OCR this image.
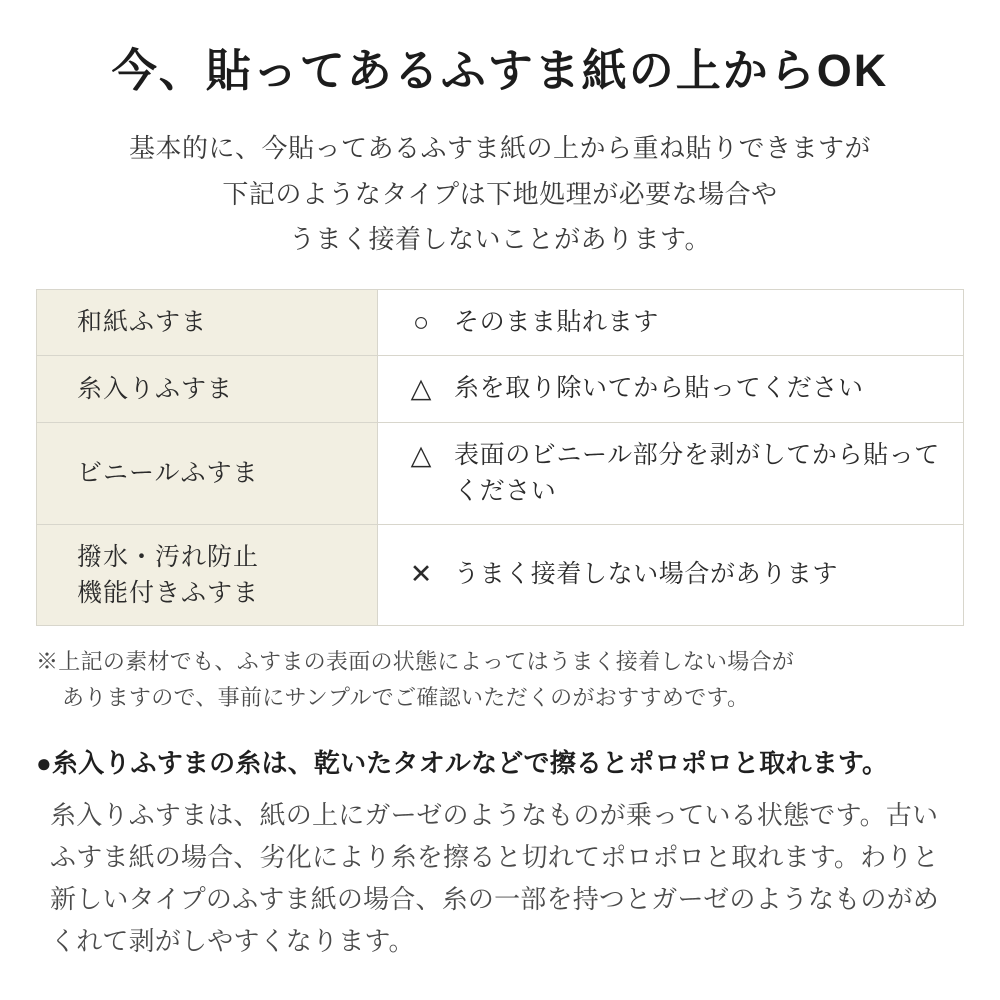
今、貼ってあるふすま紙の上からOK
基本的に、今貼ってあるふすま紙の上から重ね貼りできますが
下記のようなタイプは下地処理が必要な場合や
うまく接着しないことがあります。
和紙ふすま	○ そのまま貼れます

糸入りふすま	△ 糸を取り除いてから貼ってください

ビニールふすま	△ 表面のビニール部分を剥がしてから貼ってください

撥水・汚れ防止
機能付きふすま	✕ うまく接着しない場合があります
※上記の素材でも、ふすまの表面の状態によってはうまく接着しない場合が
ありますので、事前にサンプルでご確認いただくのがおすすめです。
●糸入りふすまの糸は、乾いたタオルなどで擦るとポロポロと取れます。
糸入りふすまは、紙の上にガーゼのようなものが乗っている状態です。古いふすま紙の場合、劣化により糸を擦ると切れてポロポロと取れます。わりと新しいタイプのふすま紙の場合、糸の一部を持つとガーゼのようなものがめくれて剥がしやすくなります。
